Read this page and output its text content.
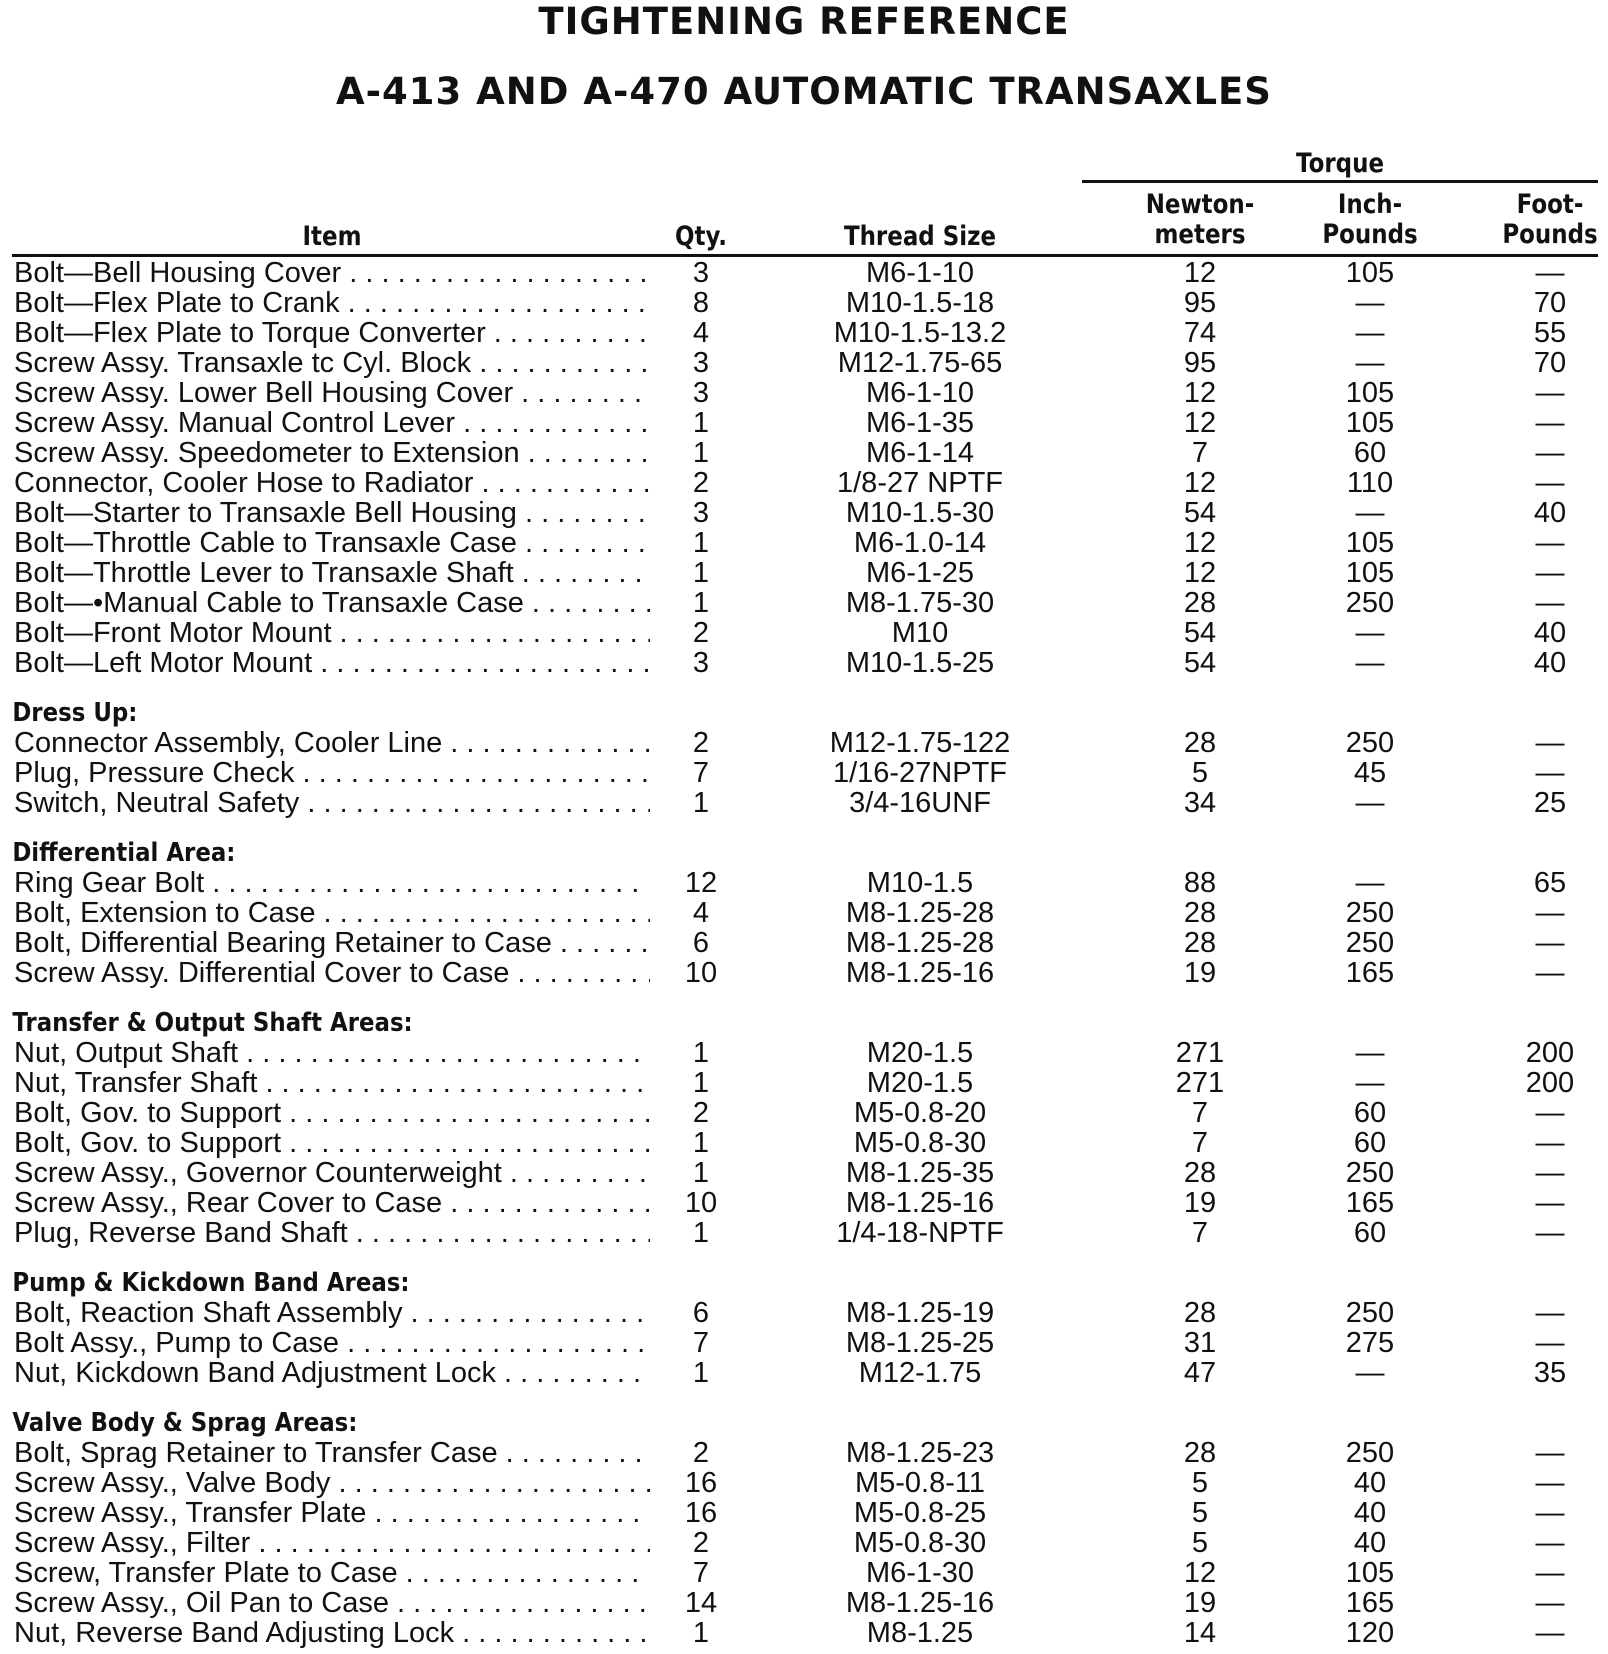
TIGHTENING REFERENCE
A-413 AND A-470 AUTOMATIC TRANSAXLES
Torque
Item	Qty.	Thread Size
Newton-
meters
Inch-
Pounds
Foot-
Pounds
Bolt—Bell Housing Cover . . .	3	M6-1-10	12	105	—
Bolt—Flex Plate to Crank . . .	8	M10-1.5-18	95	—	70
Bolt—Flex Plate to Torque Converter . . .	4	M10-1.5-13.2	74	—	55
Screw Assy. Transaxle tc Cyl. Block . . .	3	M12-1.75-65	95	—	70
Screw Assy. Lower Bell Housing Cover . . .	3	M6-1-10	12	105	—
Screw Assy. Manual Control Lever . . .	1	M6-1-35	12	105	—
Screw Assy. Speedometer to Extension . . .	1	M6-1-14	7	60	—
Connector, Cooler Hose to Radiator . . .	2	1/8-27 NPTF	12	110	—
Bolt—Starter to Transaxle Bell Housing . . .	3	M10-1.5-30	54	—	40
Bolt—Throttle Cable to Transaxle Case . . .	1	M6-1.0-14	12	105	—
Bolt—Throttle Lever to Transaxle Shaft . . .	1	M6-1-25	12	105	—
Bolt—•Manual Cable to Transaxle Case . . .	1	M8-1.75-30	28	250	—
Bolt—Front Motor Mount . . .	2	M10	54	—	40
Bolt—Left Motor Mount . . .	3	M10-1.5-25	54	—	40
Dress Up:
Connector Assembly, Cooler Line . . .	2	M12-1.75-122	28	250	—
Plug, Pressure Check . . .	7	1/16-27NPTF	5	45	—
Switch, Neutral Safety . . .	1	3/4-16UNF	34	—	25
Differential Area:
Ring Gear Bolt . . .	12	M10-1.5	88	—	65
Bolt, Extension to Case . . .	4	M8-1.25-28	28	250	—
Bolt, Differential Bearing Retainer to Case . . .	6	M8-1.25-28	28	250	—
Screw Assy. Differential Cover to Case . . .	10	M8-1.25-16	19	165	—
Transfer & Output Shaft Areas:
Nut, Output Shaft . . .	1	M20-1.5	271	—	200
Nut, Transfer Shaft . . .	1	M20-1.5	271	—	200
Bolt, Gov. to Support . . .	2	M5-0.8-20	7	60	—
Bolt, Gov. to Support . . .	1	M5-0.8-30	7	60	—
Screw Assy., Governor Counterweight . . .	1	M8-1.25-35	28	250	—
Screw Assy., Rear Cover to Case . . .	10	M8-1.25-16	19	165	—
Plug, Reverse Band Shaft . . .	1	1/4-18-NPTF	7	60	—
Pump & Kickdown Band Areas:
Bolt, Reaction Shaft Assembly . . .	6	M8-1.25-19	28	250	—
Bolt Assy., Pump to Case . . .	7	M8-1.25-25	31	275	—
Nut, Kickdown Band Adjustment Lock . . .	1	M12-1.75	47	—	35
Valve Body & Sprag Areas:
Bolt, Sprag Retainer to Transfer Case . . .	2	M8-1.25-23	28	250	—
Screw Assy., Valve Body . . .	16	M5-0.8-11	5	40	—
Screw Assy., Transfer Plate . . .	16	M5-0.8-25	5	40	—
Screw Assy., Filter . . .	2	M5-0.8-30	5	40	—
Screw, Transfer Plate to Case . . .	7	M6-1-30	12	105	—
Screw Assy., Oil Pan to Case . . .	14	M8-1.25-16	19	165	—
Nut, Reverse Band Adjusting Lock . . .	1	M8-1.25	14	120	—
